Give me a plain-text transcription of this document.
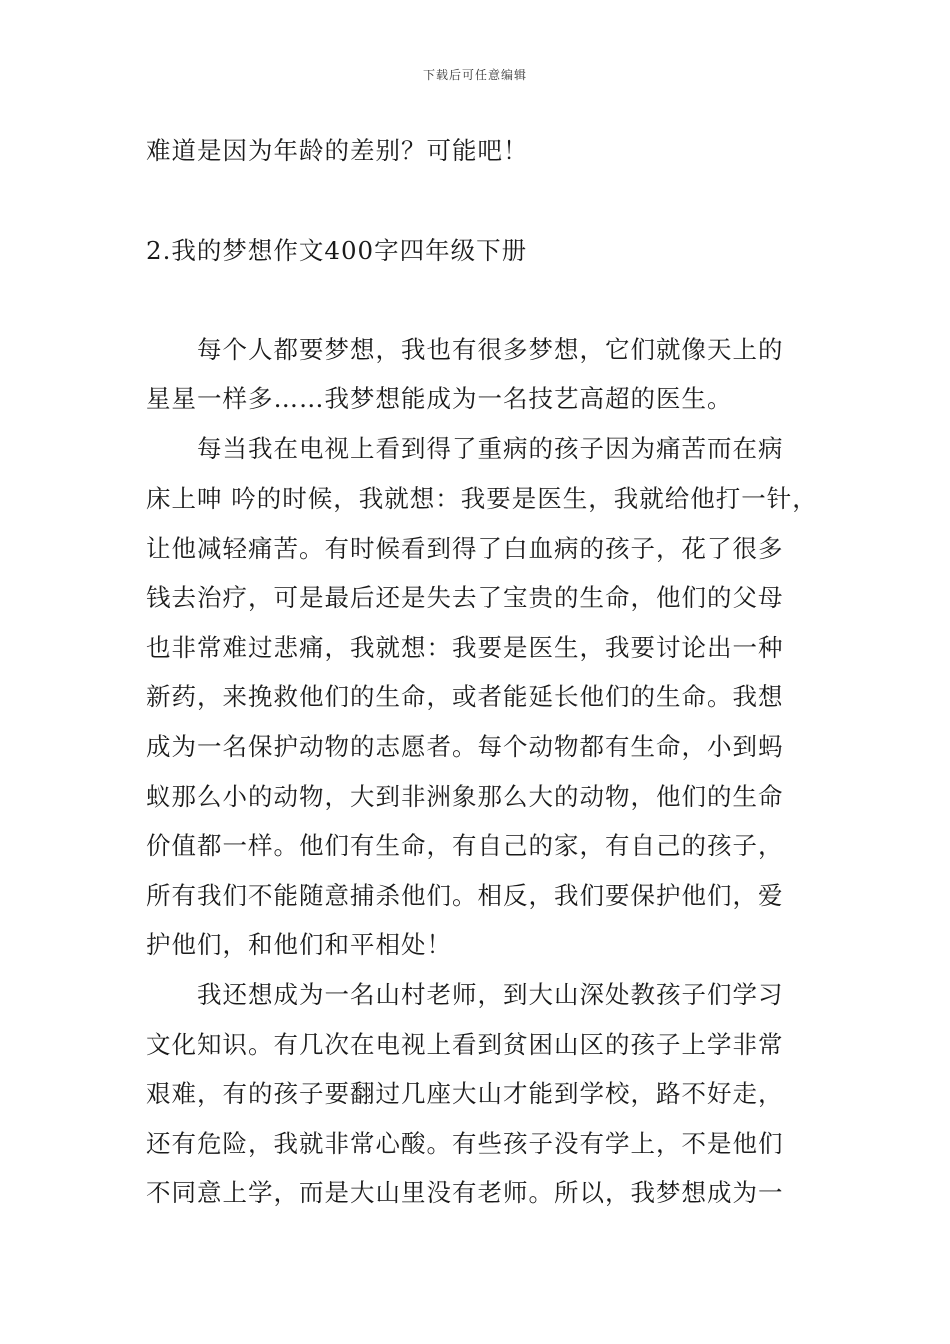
下载后可任意编辑
难道是因为年龄的差别？可能吧！
2.我的梦想作文400字四年级下册
　　每个人都要梦想，我也有很多梦想，它们就像天上的
星星一样多……我梦想能成为一名技艺高超的医生。
　　每当我在电视上看到得了重病的孩子因为痛苦而在病
床上呻 吟的时候，我就想：我要是医生，我就给他打一针，
让他减轻痛苦。有时候看到得了白血病的孩子，花了很多
钱去治疗，可是最后还是失去了宝贵的生命，他们的父母
也非常难过悲痛，我就想：我要是医生，我要讨论出一种
新药，来挽救他们的生命，或者能延长他们的生命。我想
成为一名保护动物的志愿者。每个动物都有生命，小到蚂
蚁那么小的动物，大到非洲象那么大的动物，他们的生命
价值都一样。他们有生命，有自己的家，有自己的孩子，
所有我们不能随意捕杀他们。相反，我们要保护他们，爱
护他们，和他们和平相处！
　　我还想成为一名山村老师，到大山深处教孩子们学习
文化知识。有几次在电视上看到贫困山区的孩子上学非常
艰难，有的孩子要翻过几座大山才能到学校，路不好走，
还有危险，我就非常心酸。有些孩子没有学上，不是他们
不同意上学，而是大山里没有老师。所以，我梦想成为一
